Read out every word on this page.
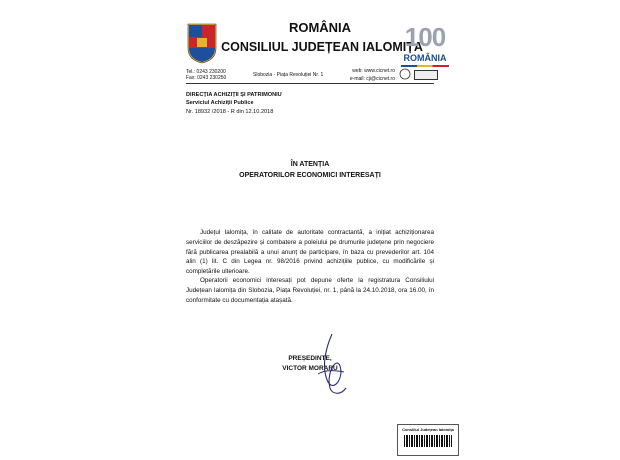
ROMÂNIA
CONSILIUL JUDEȚEAN IALOMIȚA
100
ROMÂNIA
Tel.: 0243 230200
Fax: 0243 230250	Slobozia - Piața Revoluției Nr. 1
web: www.cicnet.ro
e-mail: cji@cicnet.ro
DIRECȚIA ACHIZIȚII ȘI PATRIMONIU
Serviciul Achiziții Publice
Nr. 18932 /2018 - R din 12.10.2018
ÎN ATENȚIA
OPERATORILOR ECONOMICI INTERESAȚI
Județul Ialomița, în calitate de autoritate contractantă, a inițiat achiziționarea serviciilor de deszăpezire și combatere a poleiului pe drumurile județene prin negociere fără publicarea prealabilă a unui anunț de participare, în baza cu prevederilor art. 104 alin (1) lit. C din Legea nr. 98/2016 privind achizițiile publice, cu modificările și completările ulterioare.
Operatorii economici interesați pot depune oferte la registratura Consiliului Județean Ialomița din Slobozia, Piața Revoluției, nr. 1, până la 24.10.2018, ora 16.00, în conformitate cu documentația atașată.
PREȘEDINTE,
VICTOR MORARU
Consiliul Județean Ialomița
